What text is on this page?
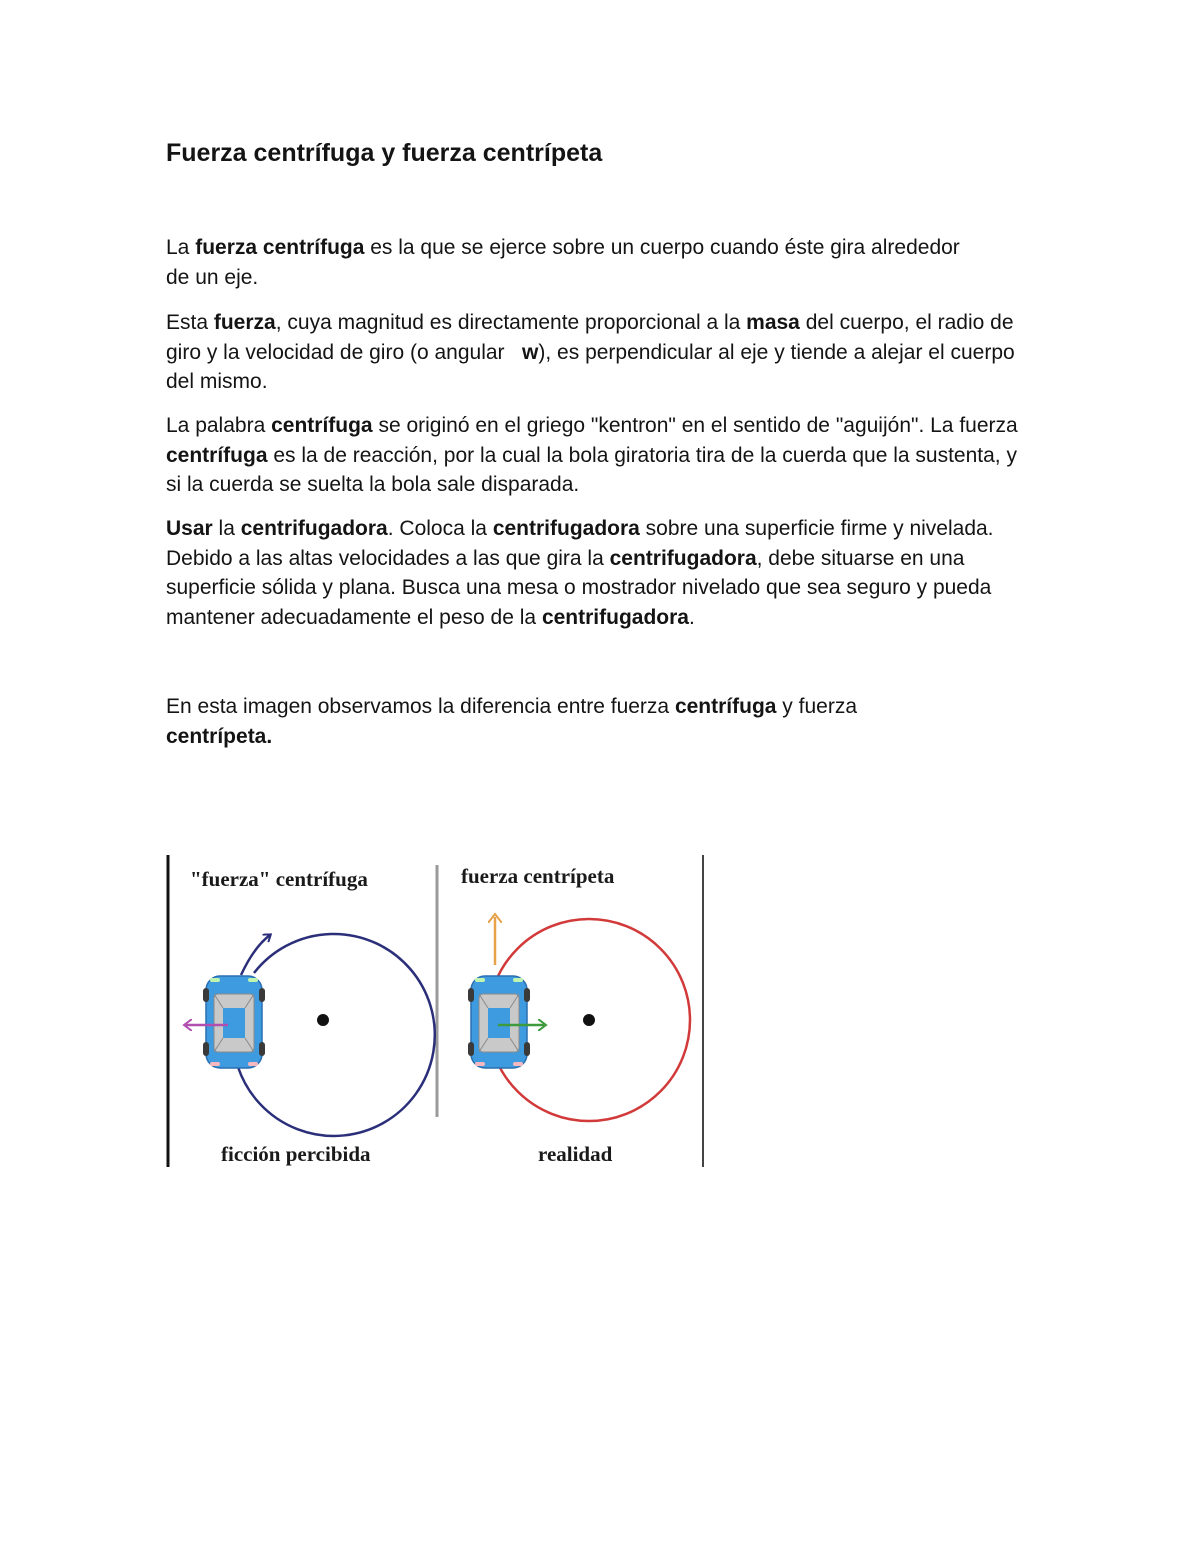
Fuerza centrífuga y fuerza centrípeta

La fuerza centrífuga es la que se ejerce sobre un cuerpo cuando éste gira alrededor de un eje.

Esta fuerza, cuya magnitud es directamente proporcional a la masa del cuerpo, el radio de giro y la velocidad de giro (o angular   w), es perpendicular al eje y tiende a alejar el cuerpo del mismo.

La palabra centrífuga se originó en el griego "kentron" en el sentido de "aguijón". La fuerza centrífuga es la de reacción, por la cual la bola giratoria tira de la cuerda que la sustenta, y si la cuerda se suelta la bola sale disparada.

Usar la centrifugadora. Coloca la centrifugadora sobre una superficie firme y nivelada. Debido a las altas velocidades a las que gira la centrifugadora, debe situarse en una superficie sólida y plana. Busca una mesa o mostrador nivelado que sea seguro y pueda mantener adecuadamente el peso de la centrifugadora.

En esta imagen observamos la diferencia entre fuerza centrífuga y fuerza centrípeta.

"fuerza" centrífuga
ficción percibida
fuerza centrípeta
realidad
